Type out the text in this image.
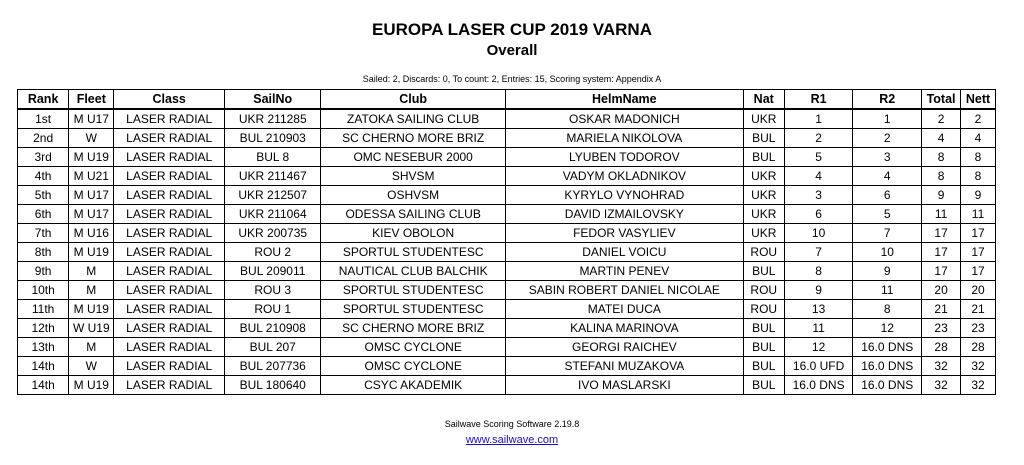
EUROPA LASER CUP 2019 VARNA
Overall
Sailed: 2, Discards: 0, To count: 2, Entries: 15, Scoring system: Appendix A
Rank	Fleet	Class	SailNo	Club	HelmName	Nat	R1	R2	Total	Nett
1st	M U17	LASER RADIAL	UKR 211285	ZATOKA SAILING CLUB	OSKAR MADONICH	UKR	1	1	2	2
2nd	W	LASER RADIAL	BUL 210903	SC CHERNO MORE BRIZ	MARIELA NIKOLOVA	BUL	2	2	4	4
3rd	M U19	LASER RADIAL	BUL 8	OMC NESEBUR 2000	LYUBEN TODOROV	BUL	5	3	8	8
4th	M U21	LASER RADIAL	UKR 211467	SHVSM	VADYM OKLADNIKOV	UKR	4	4	8	8
5th	M U17	LASER RADIAL	UKR 212507	OSHVSM	KYRYLO VYNOHRAD	UKR	3	6	9	9
6th	M U17	LASER RADIAL	UKR 211064	ODESSA SAILING CLUB	DAVID IZMAILOVSKY	UKR	6	5	11	11
7th	M U16	LASER RADIAL	UKR 200735	KIEV OBOLON	FEDOR VASYLIEV	UKR	10	7	17	17
8th	M U19	LASER RADIAL	ROU 2	SPORTUL STUDENTESC	DANIEL VOICU	ROU	7	10	17	17
9th	M	LASER RADIAL	BUL 209011	NAUTICAL CLUB BALCHIK	MARTIN PENEV	BUL	8	9	17	17
10th	M	LASER RADIAL	ROU 3	SPORTUL STUDENTESC	SABIN ROBERT DANIEL NICOLAE	ROU	9	11	20	20
11th	M U19	LASER RADIAL	ROU 1	SPORTUL STUDENTESC	MATEI DUCA	ROU	13	8	21	21
12th	W U19	LASER RADIAL	BUL 210908	SC CHERNO MORE BRIZ	KALINA MARINOVA	BUL	11	12	23	23
13th	M	LASER RADIAL	BUL 207	OMSC CYCLONE	GEORGI RAICHEV	BUL	12	16.0 DNS	28	28
14th	W	LASER RADIAL	BUL 207736	OMSC CYCLONE	STEFANI MUZAKOVA	BUL	16.0 UFD	16.0 DNS	32	32
14th	M U19	LASER RADIAL	BUL 180640	CSYC AKADEMIK	IVO MASLARSKI	BUL	16.0 DNS	16.0 DNS	32	32
Sailwave Scoring Software 2.19.8
www.sailwave.com
